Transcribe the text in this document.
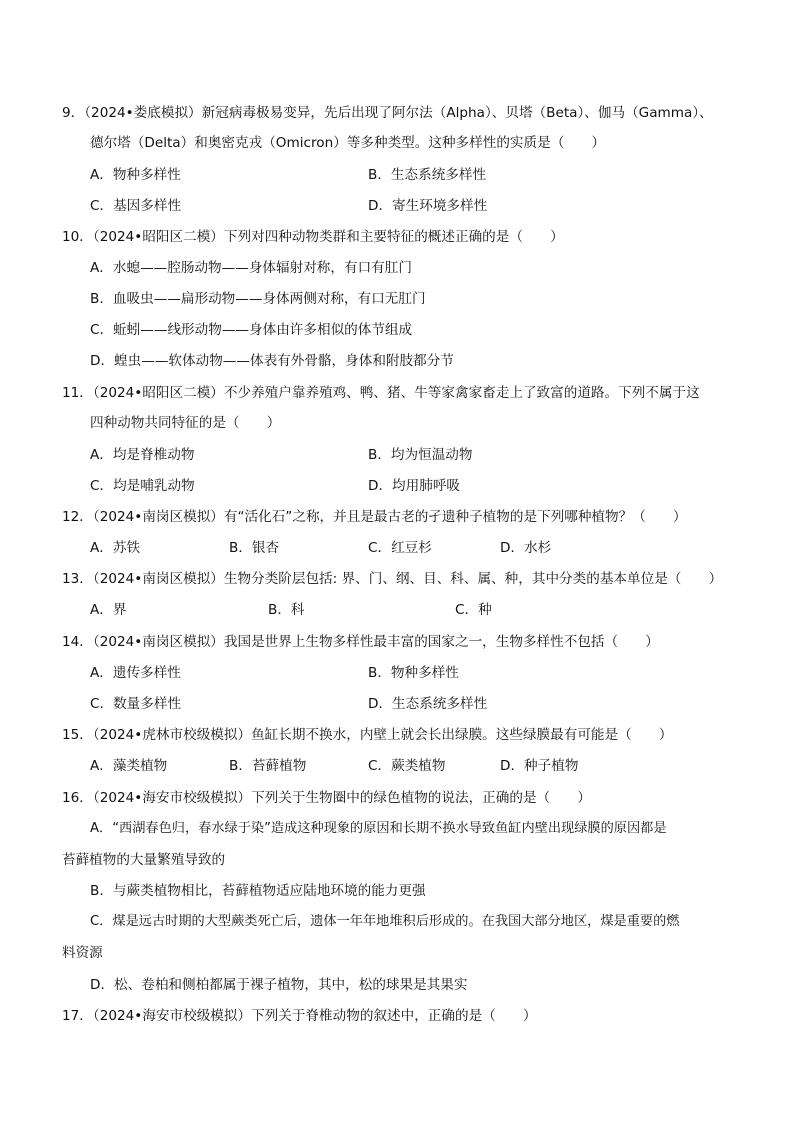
9．（2024•娄底模拟）新冠病毒极易变异，先后出现了阿尔法（Alpha）、贝塔（Beta）、伽马（Gamma）、
德尔塔（Delta）和奥密克戎（Omicron）等多种类型。这种多样性的实质是（　　）
A．物种多样性	B．生态系统多样性
C．基因多样性	D．寄生环境多样性
10．（2024•昭阳区二模）下列对四种动物类群和主要特征的概述正确的是（　　）
A．水螅——腔肠动物——身体辐射对称，有口有肛门
B．血吸虫——扁形动物——身体两侧对称，有口无肛门
C．蚯蚓——线形动物——身体由许多相似的体节组成
D．蝗虫——软体动物——体表有外骨骼，身体和附肢都分节
11．（2024•昭阳区二模）不少养殖户靠养殖鸡、鸭、猪、牛等家禽家畜走上了致富的道路。下列不属于这
四种动物共同特征的是（　　）
A．均是脊椎动物	B．均为恒温动物
C．均是哺乳动物	D．均用肺呼吸
12．（2024•南岗区模拟）有“活化石”之称，并且是最古老的孑遗种子植物的是下列哪种植物？（　　）
A．苏铁	B．银杏	C．红豆杉	D．水杉
13．（2024•南岗区模拟）生物分类阶层包括: 界、门、纲、目、科、属、种，其中分类的基本单位是（　　）
A．界	B．科	C．种
14．（2024•南岗区模拟）我国是世界上生物多样性最丰富的国家之一，生物多样性不包括（　　）
A．遗传多样性	B．物种多样性
C．数量多样性	D．生态系统多样性
15．（2024•虎林市校级模拟）鱼缸长期不换水，内壁上就会长出绿膜。这些绿膜最有可能是（　　）
A．藻类植物	B．苔藓植物	C．蕨类植物	D．种子植物
16．（2024•海安市校级模拟）下列关于生物圈中的绿色植物的说法，正确的是（　　）
A．“西湖春色归，春水绿于染”造成这种现象的原因和长期不换水导致鱼缸内壁出现绿膜的原因都是
苔藓植物的大量繁殖导致的
B．与蕨类植物相比，苔藓植物适应陆地环境的能力更强
C．煤是远古时期的大型蕨类死亡后，遗体一年年地堆积后形成的。在我国大部分地区，煤是重要的燃
料资源
D．松、卷柏和侧柏都属于裸子植物，其中，松的球果是其果实
17．（2024•海安市校级模拟）下列关于脊椎动物的叙述中，正确的是（　　）
